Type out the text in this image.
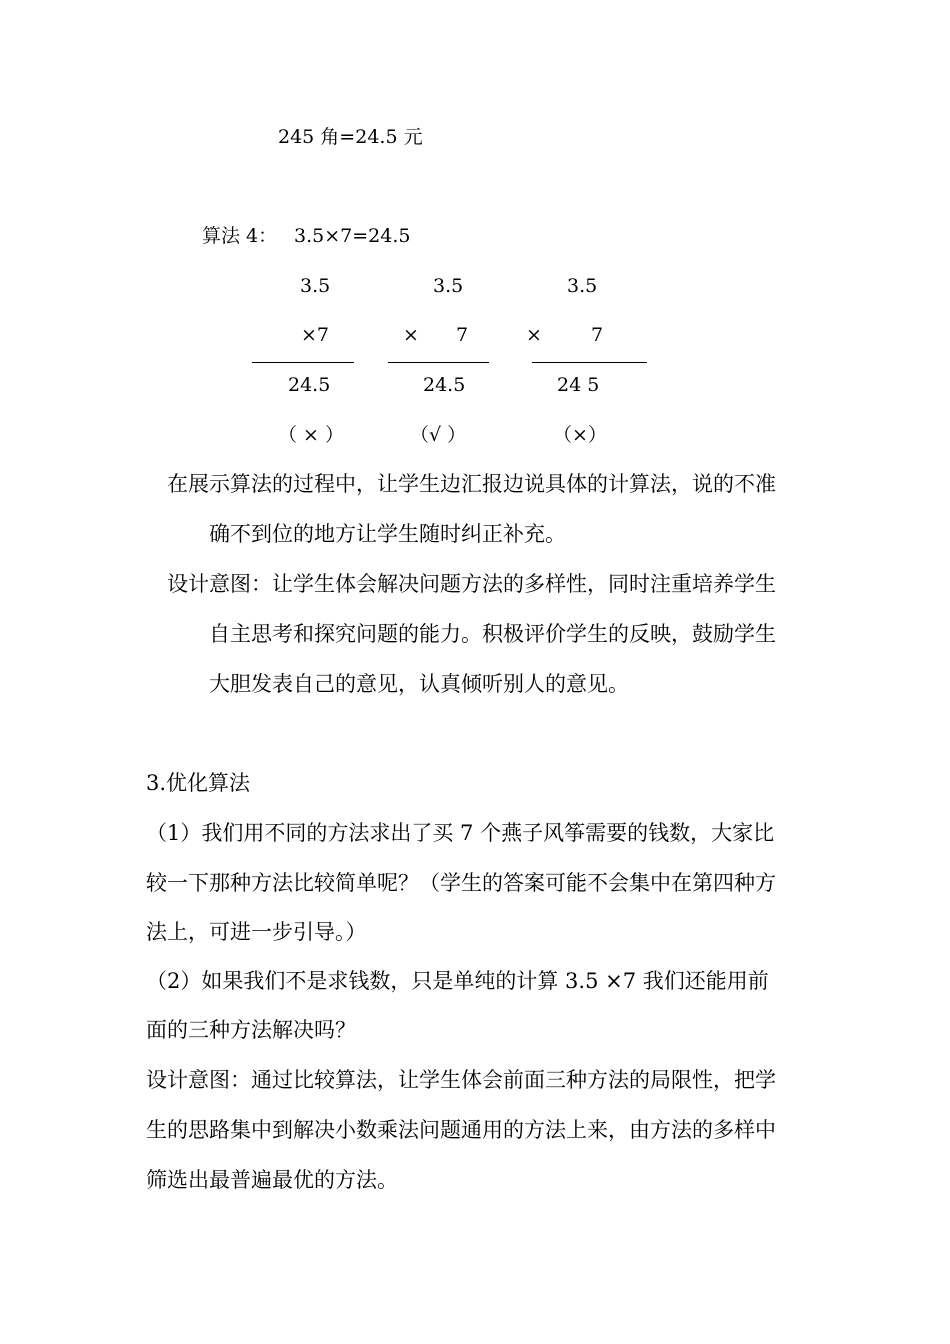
245 角=24.5 元
算法 4： 3.5×7=24.5
3.5
×7
24.5
（ × ）
3.5
× 7
24.5
（√ ）
3.5
×	7
24 5
（×）
在展示算法的过程中，让学生边汇报边说具体的计算法，说的不准
确不到位的地方让学生随时纠正补充。
设计意图：让学生体会解决问题方法的多样性，同时注重培养学生
自主思考和探究问题的能力。积极评价学生的反映，鼓励学生
大胆发表自己的意见，认真倾听别人的意见。
3.优化算法
（1）我们用不同的方法求出了买 7 个燕子风筝需要的钱数，大家比
较一下那种方法比较简单呢？（学生的答案可能不会集中在第四种方
法上，可进一步引导。）
（2）如果我们不是求钱数，只是单纯的计算 3.5 ×7 我们还能用前
面的三种方法解决吗？
设计意图：通过比较算法，让学生体会前面三种方法的局限性，把学
生的思路集中到解决小数乘法问题通用的方法上来，由方法的多样中
筛选出最普遍最优的方法。
